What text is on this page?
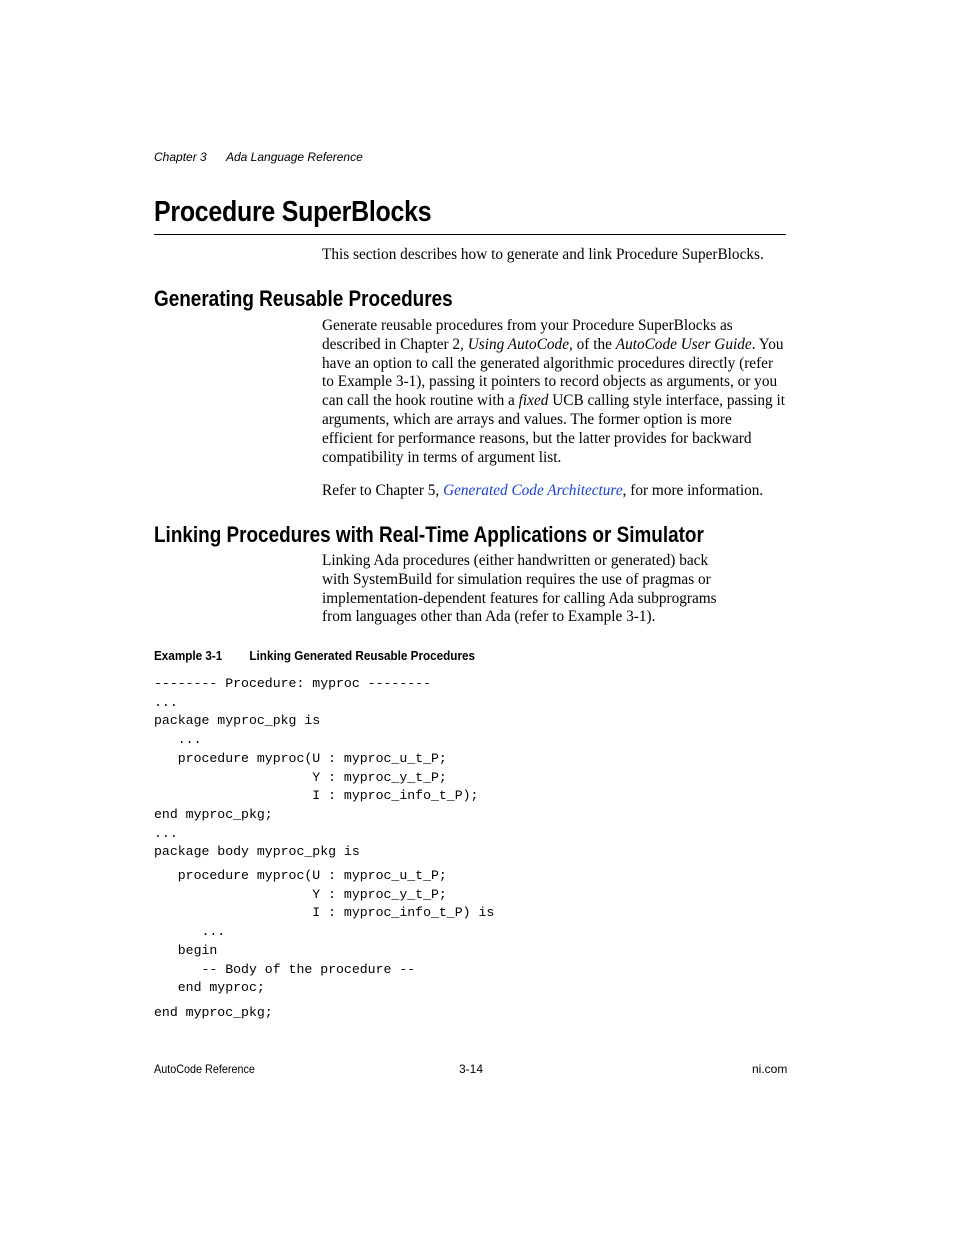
Chapter 3 Ada Language Reference
Procedure SuperBlocks

This section describes how to generate and link Procedure SuperBlocks.

Generating Reusable Procedures

Generate reusable procedures from your Procedure SuperBlocks as described in Chapter 2, Using AutoCode, of the AutoCode User Guide. You have an option to call the generated algorithmic procedures directly (refer to Example 3-1), passing it pointers to record objects as arguments, or you can call the hook routine with a fixed UCB calling style interface, passing it arguments, which are arrays and values. The former option is more efficient for performance reasons, but the latter provides for backward compatibility in terms of argument list.

Refer to Chapter 5, Generated Code Architecture, for more information.

Linking Procedures with Real-Time Applications or Simulator

Linking Ada procedures (either handwritten or generated) back with SystemBuild for simulation requires the use of pragmas or implementation-dependent features for calling Ada subprograms from languages other than Ada (refer to Example 3-1).

Example 3-1 Linking Generated Reusable Procedures
-------- Procedure: myproc --------
...
package myproc_pkg is
...
procedure myproc(U : myproc_u_t_P;
Y : myproc_y_t_P;
I : myproc_info_t_P);
end myproc_pkg;
...
package body myproc_pkg is
procedure myproc(U : myproc_u_t_P;
Y : myproc_y_t_P;
I : myproc_info_t_P) is
...
begin
-- Body of the procedure --
end myproc;
end myproc_pkg;
AutoCode Reference	3-14	ni.com
